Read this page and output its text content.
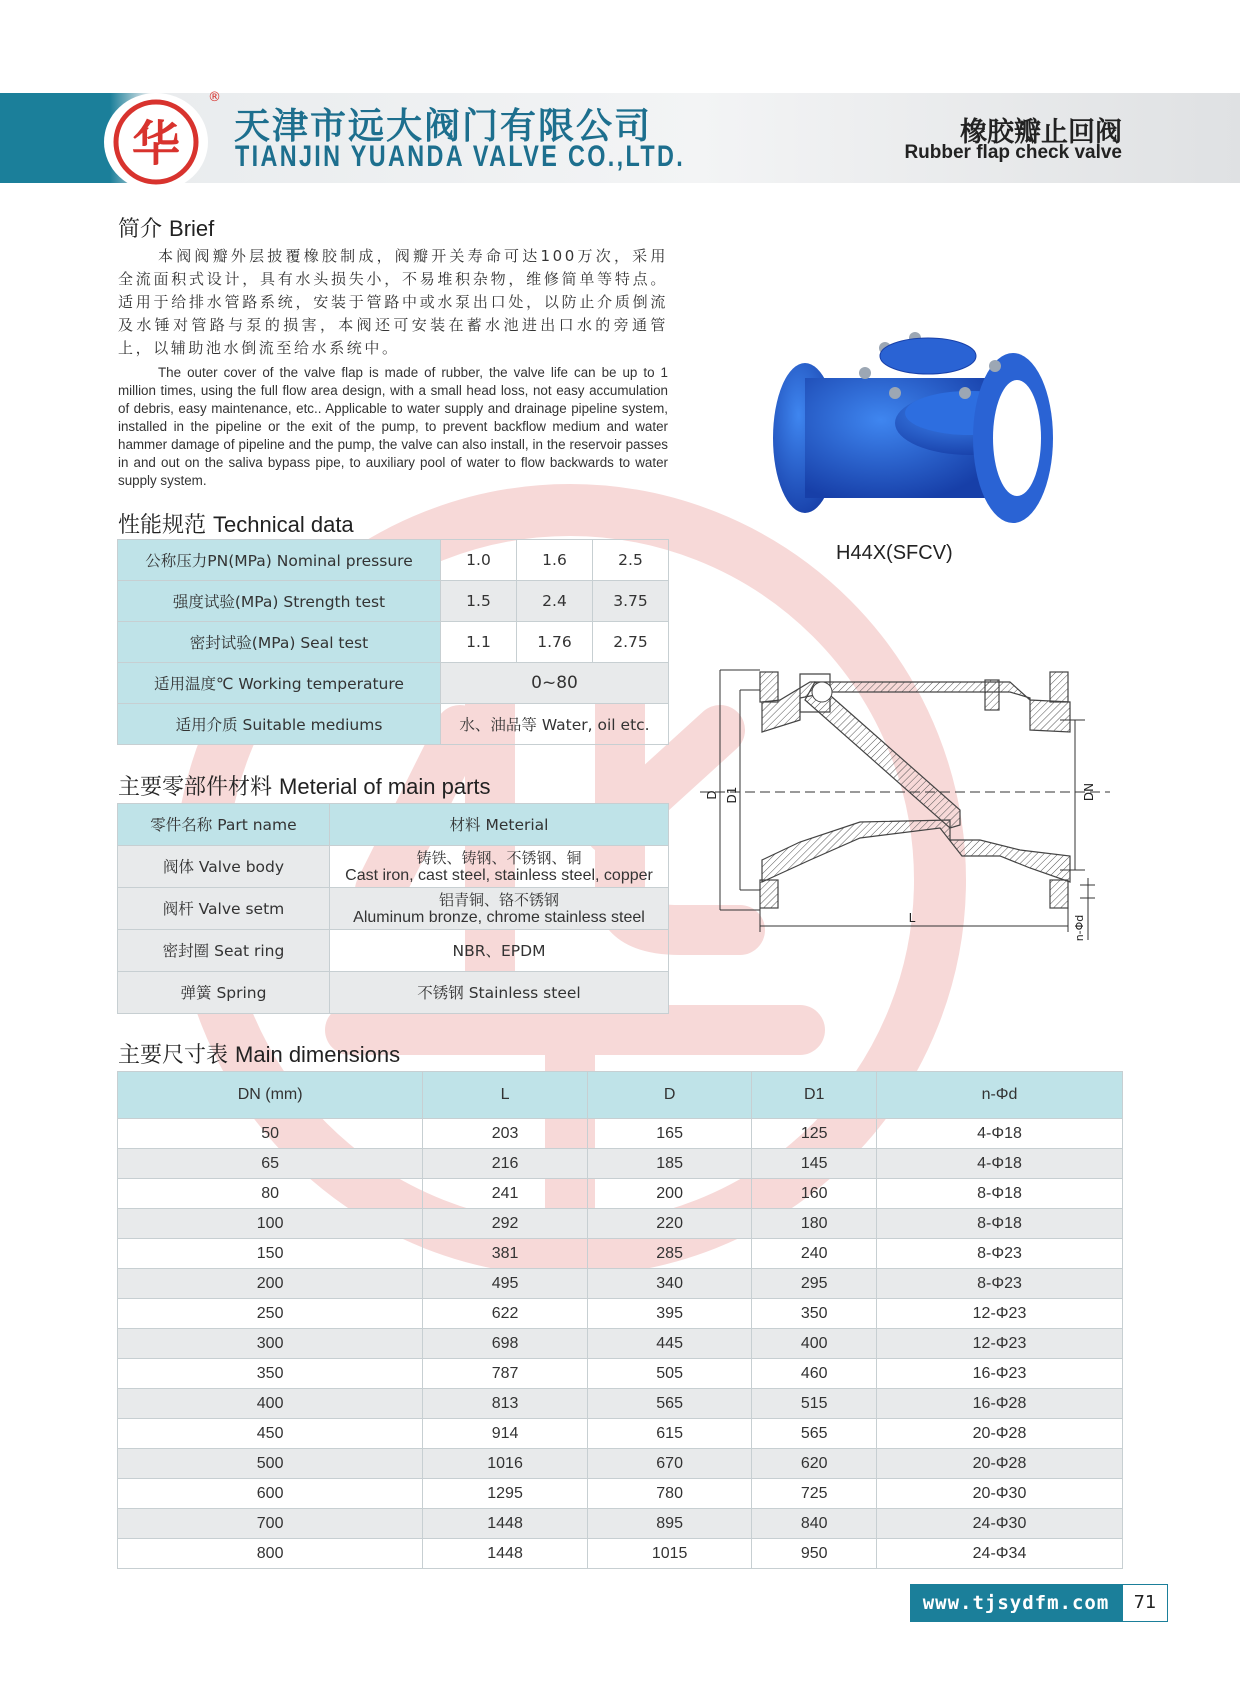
华
®
天津市远大阀门有限公司
TIANJIN YUANDA VALVE CO.,LTD.
橡胶瓣止回阀
Rubber flap check valve
简介 Brief
本阀阀瓣外层披覆橡胶制成，阀瓣开关寿命可达100万次，采用全流面积式设计，具有水头损失小，不易堆积杂物，维修简单等特点。适用于给排水管路系统，安装于管路中或水泵出口处，以防止介质倒流及水锤对管路与泵的损害，本阀还可安装在蓄水池进出口水的旁通管上，以辅助池水倒流至给水系统中。
The outer cover of the valve flap is made of rubber, the valve life can be up to 1 million times, using the full flow area design, with a small head loss, not easy accumulation of debris, easy maintenance, etc.. Applicable to water supply and drainage pipeline system, installed in the pipeline or the exit of the pump, to prevent backflow medium and water hammer damage of pipeline and the pump, the valve can also install, in the reservoir passes in and out on the saliva bypass pipe, to auxiliary pool of water to flow backwards to water supply system.
H44X(SFCV)
D D1	DN
L	n-Φd
性能规范 Technical data
公称压力PN(MPa) Nominal pressure	1.0	1.6	2.5
强度试验(MPa) Strength test	1.5	2.4	3.75
密封试验(MPa) Seal test	1.1	1.76	2.75
适用温度℃ Working temperature	0~80		
适用介质 Suitable mediums	水、油品等 Water, oil etc.		
主要零部件材料 Meterial of main parts
零件名称 Part name	材料 Meterial
阀体 Valve body	铸铁、铸钢、不锈钢、铜
Cast iron, cast steel, stainless steel, copper

阀杆 Valve setm	铝青铜、铬不锈钢
Aluminum bronze, chrome stainless steel

密封圈 Seat ring	NBR、EPDM
弹簧 Spring	不锈钢 Stainless steel
主要尺寸表 Main dimensions
DN (mm)	L	D	D1	n-Φd
50	203	165	125	4-Φ18
65	216	185	145	4-Φ18
80	241	200	160	8-Φ18
100	292	220	180	8-Φ18
150	381	285	240	8-Φ23
200	495	340	295	8-Φ23
250	622	395	350	12-Φ23
300	698	445	400	12-Φ23
350	787	505	460	16-Φ23
400	813	565	515	16-Φ28
450	914	615	565	20-Φ28
500	1016	670	620	20-Φ28
600	1295	780	725	20-Φ30
700	1448	895	840	24-Φ30
800	1448	1015	950	24-Φ34
www.tjsydfm.com	71
